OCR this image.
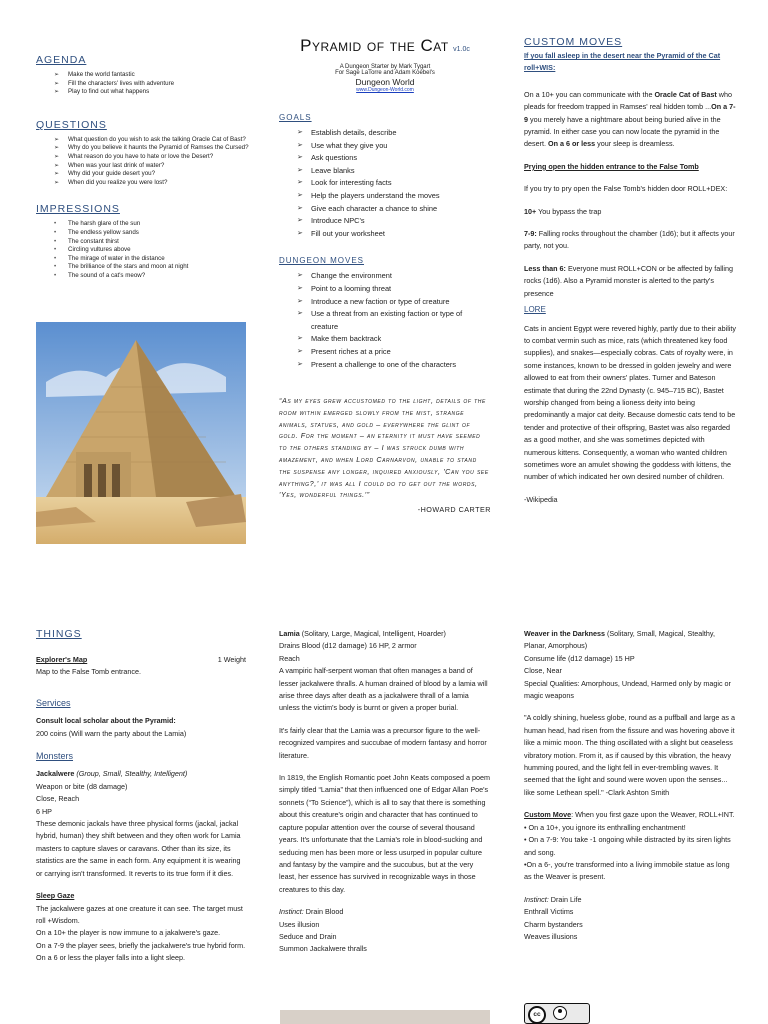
AGENDA
➢ Make the world fantastic
➢ Fill the characters' lives with adventure
➢ Play to find out what happens
QUESTIONS
➢ What question do you wish to ask the talking Oracle Cat of Bast?
➢ Why do you believe it haunts the Pyramid of Ramses the Cursed?
➢ What reason do you have to hate or love the Desert?
➢ When was your last drink of water?
➢ Why did your guide desert you?
➢ When did you realize you were lost?
IMPRESSIONS
• The harsh glare of the sun
• The endless yellow sands
• The constant thirst
• Circling vultures above
• The mirage of water in the distance
• The brilliance of the stars and moon at night
• The sound of a cat's meow?
Pyramid of the Cat v1.0c
A Dungeon Starter by Mark Tygart
For Sage LaTorre and Adam Koebel's
Dungeon World
www.Dungeon-World.com
GOALS
➢ Establish details, describe
➢ Use what they give you
➢ Ask questions
➢ Leave blanks
➢ Look for interesting facts
➢ Help the players understand the moves
➢ Give each character a chance to shine
➢ Introduce NPC's
➢ Fill out your worksheet
DUNGEON MOVES
➢ Change the environment
➢ Point to a looming threat
➢ Introduce a new faction or type of creature
➢ Use a threat from an existing faction or type of creature
➢ Make them backtrack
➢ Present riches at a price
➢ Present a challenge to one of the characters

“As my eyes grew accustomed to the light, details of the room within emerged slowly from the mist, strange animals, statues, and gold – everywhere the glint of gold. For the moment – an eternity it must have seemed to the others standing by – I was struck dumb with amazement, and when Lord Carnarvon, unable to stand the suspense any longer, inquired anxiously, 'Can you see anything?,' it was all I could do to get out the words, 'Yes, wonderful things.'”

-HOWARD CARTER
CUSTOM MOVES
If you fall asleep in the desert near the Pyramid of the Cat roll+WIS:

On a 10+ you can communicate with the Oracle Cat of Bast who pleads for freedom trapped in Ramses' real hidden tomb ...On a 7-9 you merely have a nightmare about being buried alive in the pyramid. In either case you can now locate the pyramid in the desert. On a 6 or less your sleep is dreamless.

Prying open the hidden entrance to the False Tomb

If you try to pry open the False Tomb's hidden door ROLL+DEX:

10+ You bypass the trap

7-9: Falling rocks throughout the chamber (1d6); but it affects your party, not you.

Less than 6: Everyone must ROLL+CON or be affected by falling rocks (1d6). Also a Pyramid monster is alerted to the party's presence

LORE

Cats in ancient Egypt were revered highly, partly due to their ability to combat vermin such as mice, rats (which threatened key food supplies), and snakes—especially cobras. Cats of royalty were, in some instances, known to be dressed in golden jewelry and were allowed to eat from their owners' plates. Turner and Bateson estimate that during the 22nd Dynasty (c. 945–715 BC), Bastet worship changed from being a lioness deity into being predominantly a major cat deity. Because domestic cats tend to be tender and protective of their offspring, Bastet was also regarded as a good mother, and she was sometimes depicted with numerous kittens. Consequently, a woman who wanted children sometimes wore an amulet showing the goddess with kittens, the number of which indicated her own desired number of children.

-Wikipedia

THINGS
Explorer's Map	1 Weight

Map to the False Tomb entrance.

Services
Consult local scholar about the Pyramid:

200 coins (Will warn the party about the Lamia)

Monsters
Jackalwere (Group, Small, Stealthy, Intelligent)
Weapon or bite (d8 damage)
Close, Reach
6 HP

These demonic jackals have three physical forms (jackal, jackal hybrid, human) they shift between and they often work for Lamia masters to capture slaves or caravans. Other than its size, its statistics are the same in each form. Any equipment it is wearing or carrying isn't transformed. It reverts to its true form if it dies.

Sleep Gaze
The jackalwere gazes at one creature it can see. The target must roll +Wisdom.
On a 10+ the player is now immune to a jakalwere's gaze.
On a 7-9 the player sees, briefly the jackalwere's true hybrid form.
On a 6 or less the player falls into a light sleep.
Lamia (Solitary, Large, Magical, Intelligent, Hoarder)
Drains Blood (d12 damage) 16 HP, 2 armor
Reach

A vampiric half-serpent woman that often manages a band of lesser jackalwere thralls. A human drained of blood by a lamia will arise three days after death as a jackalwere thrall of a lamia unless the victim's body is burnt or given a proper burial.

It's fairly clear that the Lamia was a precursor figure to the well-recognized vampires and succubae of modern fantasy and horror literature.

In 1819, the English Romantic poet John Keats composed a poem simply titled “Lamia” that then influenced one of Edgar Allan Poe's sonnets (“To Science”), which is all to say that there is something about this creature's origin and character that has continued to capture popular attention over the course of several thousand years. It's unfortunate that the Lamia's role in blood-sucking and seducing men has been more or less usurped in popular culture and fantasy by the vampire and the succubus, but at the very least, her essence has survived in recognizable ways in those creatures to this day.

Instinct: Drain Blood
Uses illusion
Seduce and Drain
Summon Jackalwere thralls
Weaver in the Darkness (Solitary, Small, Magical, Stealthy, Planar, Amorphous)
Consume life (d12 damage) 15 HP
Close, Near

Special Qualities: Amorphous, Undead, Harmed only by magic or magic weapons

"A coldly shining, hueless globe, round as a puffball and large as a human head, had risen from the fissure and was hovering above it like a mimic moon. The thing oscillated with a slight but ceaseless vibratory motion. From it, as if caused by this vibration, the heavy humming poured, and the light fell in ever-trembling waves. It seemed that the light and sound were woven upon the senses... like some Lethean spell." -Clark Ashton Smith

Custom Move: When you first gaze upon the Weaver, ROLL+INT.
• On a 10+, you ignore its enthralling enchantment!
• On a 7-9: You take -1 ongoing while distracted by its siren lights and song.

•On a 6-, you're transformed into a living immobile statue as long as the Weaver is present.

Instinct: Drain Life
Enthrall Victims
Charm bystanders
Weaves illusions
cc
